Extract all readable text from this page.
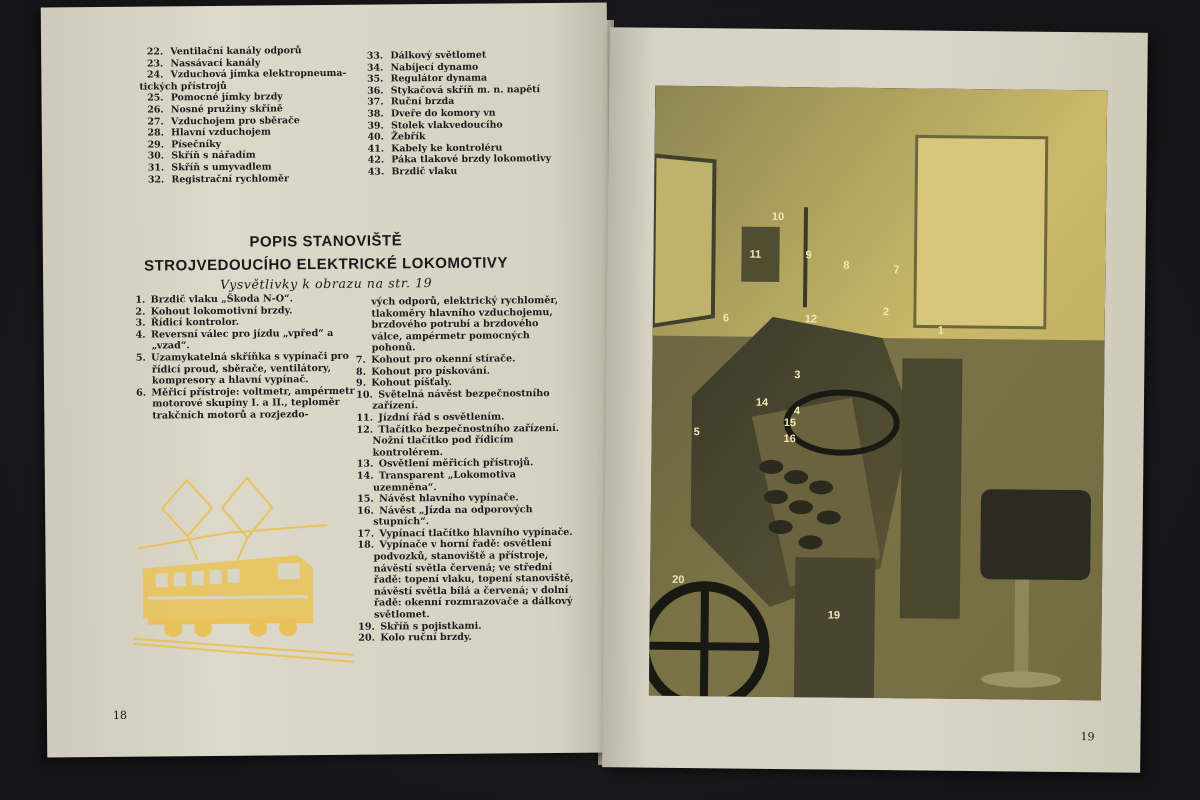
22. Ventilační kanály odporů
23. Nassávací kanály
24. Vzduchová jímka elektropneuma-tických přístrojů
25. Pomocné jímky brzdy
26. Nosné pružiny skříně
27. Vzduchojem pro sběrače
28. Hlavní vzduchojem
29. Písečníky
30. Skříň s nářadím
31. Skříň s umyvadlem
32. Registrační rychloměr
33. Dálkový světlomet
34. Nabíjecí dynamo
35. Regulátor dynama
36. Stykačová skříň m. n. napětí
37. Ruční brzda
38. Dveře do komory vn
39. Stolek vlakvedoucího
40. Žebřík
41. Kabely ke kontroléru
42. Páka tlakové brzdy lokomotivy
43. Brzdič vlaku
POPIS STANOVIŠTĚ
STROJVEDOUCÍHO ELEKTRICKÉ LOKOMOTIVY
Vysvětlivky k obrazu na str. 19
1. Brzdič vlaku „Škoda N-O“.
2. Kohout lokomotivní brzdy.
3. Řídicí kontrolor.
4. Reversní válec pro jízdu „vpřed“ a „vzad“.
5. Uzamykatelná skříňka s vypínači pro řídicí proud, sběrače, ventilátory, kompresory a hlavní vypínač.
6. Měřicí přístroje: voltmetr, ampérmetr motorové skupiny I. a II., teploměr trakčních motorů a rozjezdo-
vých odporů, elektrický rychloměr, tlakoměry hlavního vzduchojemu, brzdového potrubí a brzdového válce, ampérmetr pomocných pohonů.
7. Kohout pro okenní stírače.
8. Kohout pro pískování.
9. Kohout píšťaly.
10. Světelná návěst bezpečnostního zařízení.
11. Jízdní řád s osvětlením.
12. Tlačítko bezpečnostního zařízení. Nožní tlačítko pod řídicím kontrolérem.
13. Osvětlení měřicích přístrojů.
14. Transparent „Lokomotiva uzemněna“.
15. Návěst hlavního vypínače.
16. Návěst „Jízda na odporových stupních“.
17. Vypínací tlačítko hlavního vypínače.
18. Vypínače v horní řadě: osvětlení podvozků, stanoviště a přístroje, návěstí světla červená; ve střední řadě: topení vlaku, topení stanoviště, návěstí světla bílá a červená; v dolní řadě: okenní rozmrazovače a dálkový světlomet.
19. Skříň s pojistkami.
20. Kolo ruční brzdy.
18
1
2
3
4
5
6
7
8
9
10
11
12
14
15
16
19
20
19
